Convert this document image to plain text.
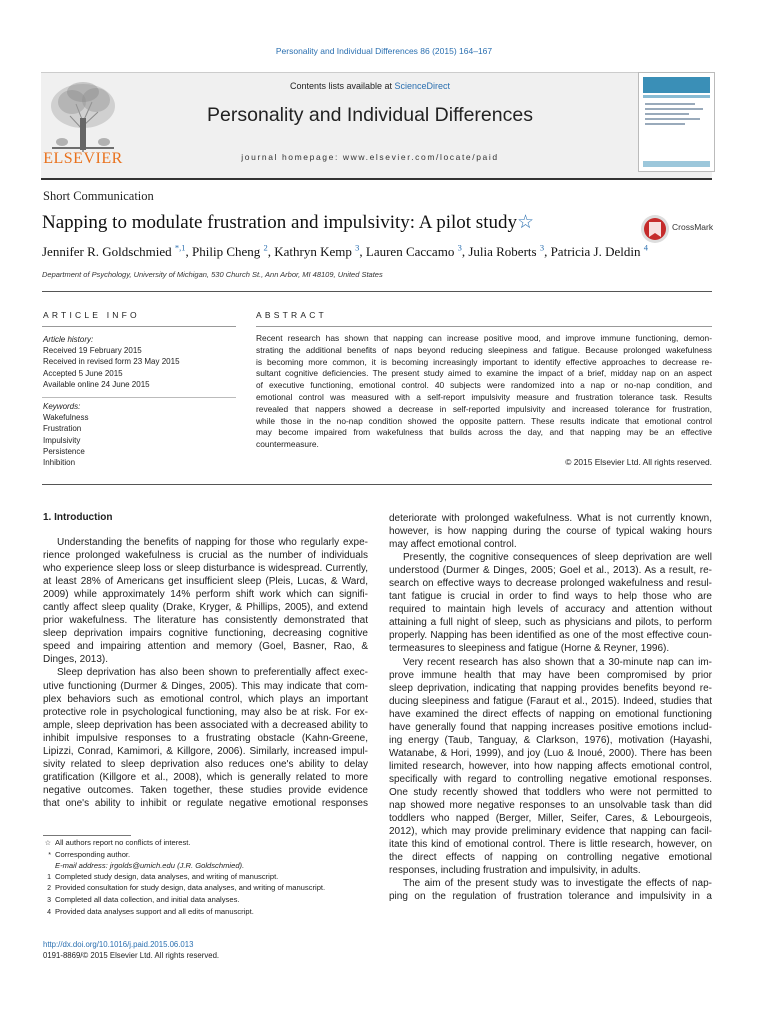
Personality and Individual Differences 86 (2015) 164–167
ELSEVIER
Contents lists available at ScienceDirect
Personality and Individual Differences
journal homepage: www.elsevier.com/locate/paid
Short Communication
Napping to modulate frustration and impulsivity: A pilot study☆	CrossMark
Jennifer R. Goldschmied $^{*,1}$, Philip Cheng $^2$, Kathryn Kemp $^3$, Lauren Caccamo $^3$, Julia Roberts $^3$, Patricia J. Deldin $^4$
Department of Psychology, University of Michigan, 530 Church St., Ann Arbor, MI 48109, United States
ARTICLE INFO
Article history:
Received 19 February 2015
Received in revised form 23 May 2015
Accepted 5 June 2015
Available online 24 June 2015
Keywords:
Wakefulness
Frustration
Impulsivity
Persistence
Inhibition
ABSTRACT
Recent research has shown that napping can increase positive mood, and improve immune functioning, demon-
strating the additional benefits of naps beyond reducing sleepiness and fatigue. Because prolonged wakefulness
is becoming more common, it is becoming increasingly important to identify effective approaches to decrease re-
sultant cognitive deficiencies. The present study aimed to examine the impact of a brief, midday nap on an aspect
of executive functioning, emotional control. 40 subjects were randomized into a nap or no-nap condition, and
emotional control was measured with a self-report impulsivity measure and frustration tolerance task. Results
revealed that nappers showed a decrease in self-reported impulsivity and increased tolerance for frustration,
while those in the no-nap condition showed the opposite pattern. These results indicate that emotional control
may become impaired from wakefulness that builds across the day, and that napping may be an effective
countermeasure.
© 2015 Elsevier Ltd. All rights reserved.
1. Introduction
Understanding the benefits of napping for those who regularly expe-
rience prolonged wakefulness is crucial as the number of individuals
who experience sleep loss or sleep disturbance is widespread. Currently,
at least 28% of Americans get insufficient sleep (Pleis, Lucas, & Ward,
2009) while approximately 14% perform shift work which can signifi-
cantly affect sleep quality (Drake, Kryger, & Phillips, 2005), and extend
prior wakefulness. The literature has consistently demonstrated that
sleep deprivation impairs cognitive functioning, decreasing cognitive
speed and impairing attention and memory (Goel, Basner, Rao, &
Dinges, 2013).
Sleep deprivation has also been shown to preferentially affect exec-
utive functioning (Durmer & Dinges, 2005). This may indicate that com-
plex behaviors such as emotional control, which plays an important
protective role in psychological functioning, may also be at risk. For ex-
ample, sleep deprivation has been associated with a decreased ability to
inhibit impulsive responses to a frustrating obstacle (Kahn-Greene,
Lipizzi, Conrad, Kamimori, & Killgore, 2006). Similarly, increased impul-
sivity related to sleep deprivation also reduces one's ability to delay
gratification (Killgore et al., 2008), which is generally related to more
negative outcomes. Taken together, these studies provide evidence
that one's ability to inhibit or regulate negative emotional responses
deteriorate with prolonged wakefulness. What is not currently known,
however, is how napping during the course of typical waking hours
may affect emotional control.
Presently, the cognitive consequences of sleep deprivation are well
understood (Durmer & Dinges, 2005; Goel et al., 2013). As a result, re-
search on effective ways to decrease prolonged wakefulness and resul-
tant fatigue is crucial in order to find ways to help those who are
required to maintain high levels of accuracy and attention without
attaining a full night of sleep, such as physicians and pilots, to perform
properly. Napping has been identified as one of the most effective coun-
termeasures to sleepiness and fatigue (Horne & Reyner, 1996).
Very recent research has also shown that a 30-minute nap can im-
prove immune health that may have been compromised by prior
sleep deprivation, indicating that napping provides benefits beyond re-
ducing sleepiness and fatigue (Faraut et al., 2015). Indeed, studies that
have examined the direct effects of napping on emotional functioning
have generally found that napping increases positive emotions includ-
ing energy (Taub, Tanguay, & Clarkson, 1976), motivation (Hayashi,
Watanabe, & Hori, 1999), and joy (Luo & Inoué, 2000). There has been
limited research, however, into how napping affects emotional control,
specifically with regard to controlling negative emotional responses.
One study recently showed that toddlers who were not permitted to
nap showed more negative responses to an unsolvable task than did
toddlers who napped (Berger, Miller, Seifer, Cares, & Lebourgeois,
2012), which may provide preliminary evidence that napping can facil-
itate this kind of emotional control. There is little research, however, on
the direct effects of napping on controlling negative emotional
responses, including frustration and impulsivity, in adults.
The aim of the present study was to investigate the effects of nap-
ping on the regulation of frustration tolerance and impulsivity in a
☆ All authors report no conflicts of interest.
* Corresponding author.
E-mail address: jrgolds@umich.edu (J.R. Goldschmied).
1 Completed study design, data analyses, and writing of manuscript.
2 Provided consultation for study design, data analyses, and writing of manuscript.
3 Completed all data collection, and initial data analyses.
4 Provided data analyses support and all edits of manuscript.
http://dx.doi.org/10.1016/j.paid.2015.06.013
0191-8869/© 2015 Elsevier Ltd. All rights reserved.
